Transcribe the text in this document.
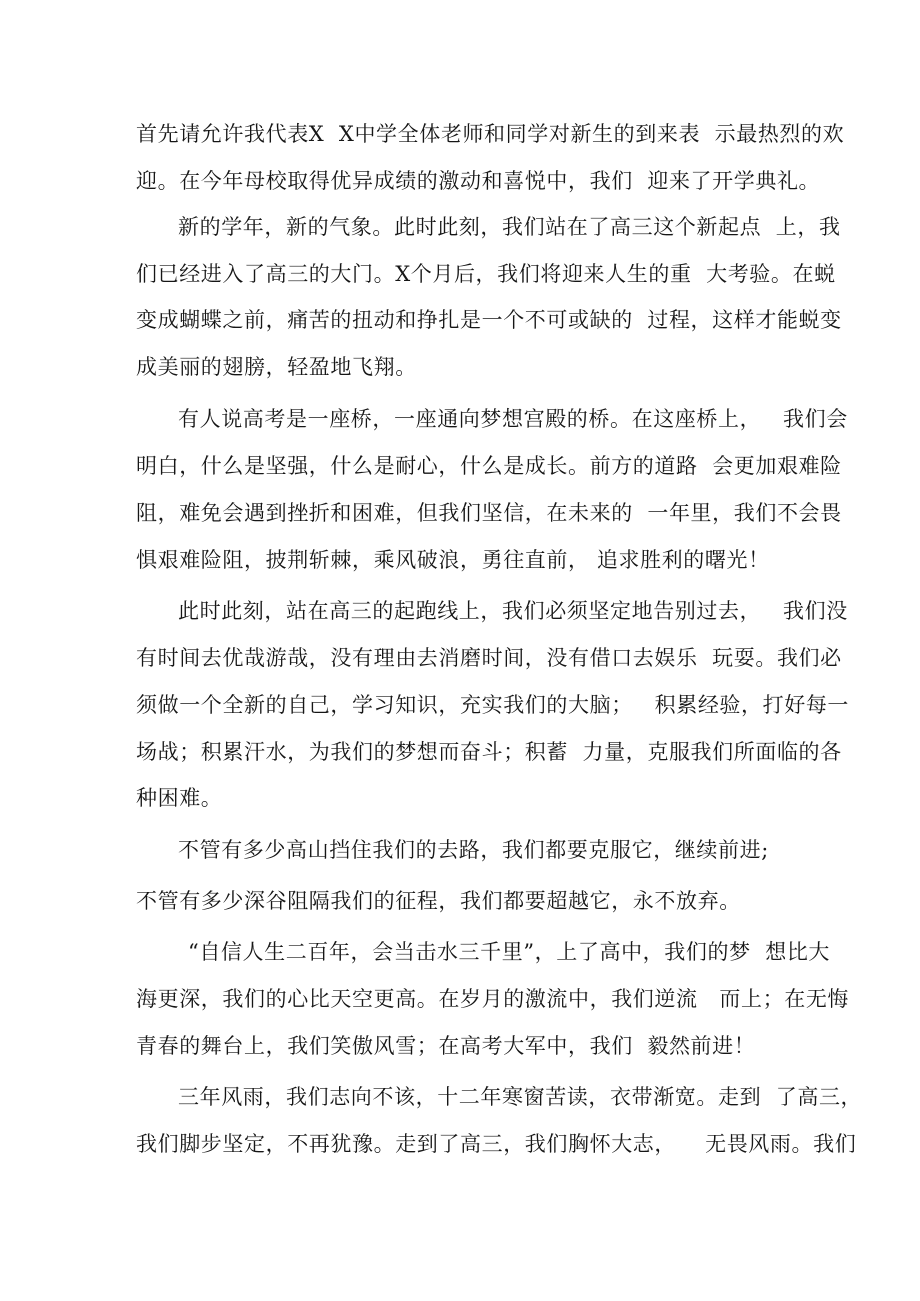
首先请允许我代表X  X中学全体老师和同学对新生的到来表  示最热烈的欢

迎。在今年母校取得优异成绩的激动和喜悦中，我们  迎来了开学典礼。

新的学年，新的气象。此时此刻，我们站在了高三这个新起点  上，我

们已经进入了高三的大门。X个月后，我们将迎来人生的重  大考验。在蜕

变成蝴蝶之前，痛苦的扭动和挣扎是一个不可或缺的  过程，这样才能蜕变

成美丽的翅膀，轻盈地飞翔。

有人说高考是一座桥，一座通向梦想宫殿的桥。在这座桥上，   我们会

明白，什么是坚强，什么是耐心，什么是成长。前方的道路  会更加艰难险

阻，难免会遇到挫折和困难，但我们坚信，在未来的  一年里，我们不会畏

惧艰难险阻，披荆斩棘，乘风破浪，勇往直前， 追求胜利的曙光！

此时此刻，站在高三的起跑线上，我们必须坚定地告别过去，   我们没

有时间去优哉游哉，没有理由去消磨时间，没有借口去娱乐  玩耍。我们必

须做一个全新的自己，学习知识，充实我们的大脑；   积累经验，打好每一

场战；积累汗水，为我们的梦想而奋斗；积蓄  力量，克服我们所面临的各

种困难。

不管有多少高山挡住我们的去路，我们都要克服它，继续前进;

不管有多少深谷阻隔我们的征程，我们都要超越它，永不放弃。

“自信人生二百年，会当击水三千里”，上了高中，我们的梦  想比大

海更深，我们的心比天空更高。在岁月的激流中，我们逆流   而上；在无悔

青春的舞台上，我们笑傲风雪；在高考大军中，我们  毅然前进！

三年风雨，我们志向不该，十二年寒窗苦读，衣带渐宽。走到  了高三，

我们脚步坚定，不再犹豫。走到了高三，我们胸怀大志，    无畏风雨。我们
